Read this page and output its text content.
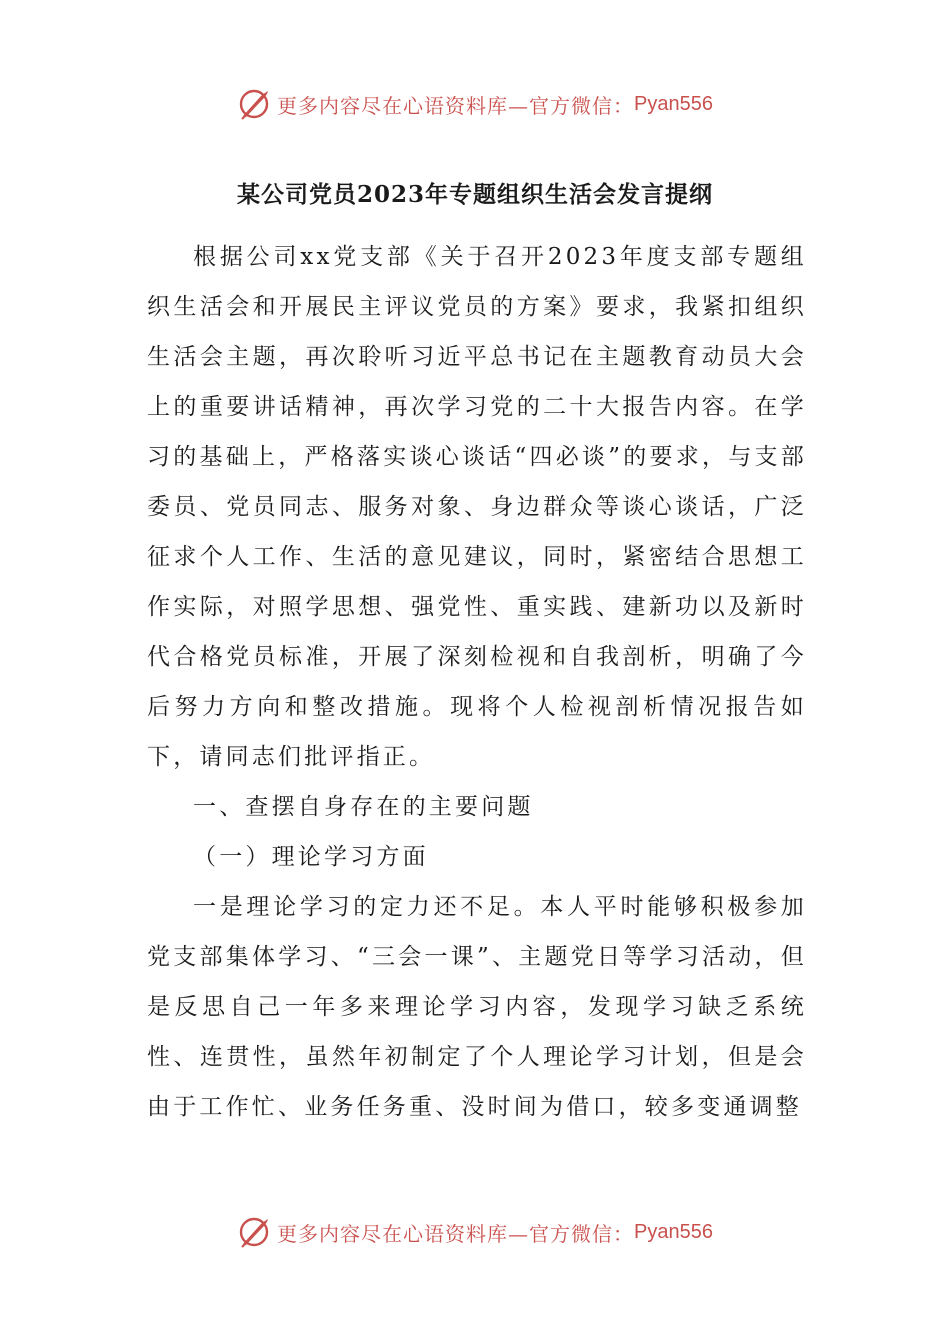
更多内容尽在心语资料库—官方微信： Pyan556
某公司党员2023年专题组织生活会发言提纲

根据公司xx党支部《关于召开2023年度支部专题组织生活会和开展民主评议党员的方案》要求，我紧扣组织生活会主题，再次聆听习近平总书记在主题教育动员大会上的重要讲话精神，再次学习党的二十大报告内容。在学习的基础上，严格落实谈心谈话“四必谈”的要求，与支部委员、党员同志、服务对象、身边群众等谈心谈话，广泛征求个人工作、生活的意见建议，同时，紧密结合思想工作实际，对照学思想、强党性、重实践、建新功以及新时代合格党员标准，开展了深刻检视和自我剖析，明确了今后努力方向和整改措施。现将个人检视剖析情况报告如下，请同志们批评指正。

一、查摆自身存在的主要问题

（一）理论学习方面

一是理论学习的定力还不足。本人平时能够积极参加党支部集体学习、“三会一课”、主题党日等学习活动，但是反思自己一年多来理论学习内容，发现学习缺乏系统性、连贯性，虽然年初制定了个人理论学习计划，但是会由于工作忙、业务任务重、没时间为借口，较多变通调整

更多内容尽在心语资料库—官方微信： Pyan556
